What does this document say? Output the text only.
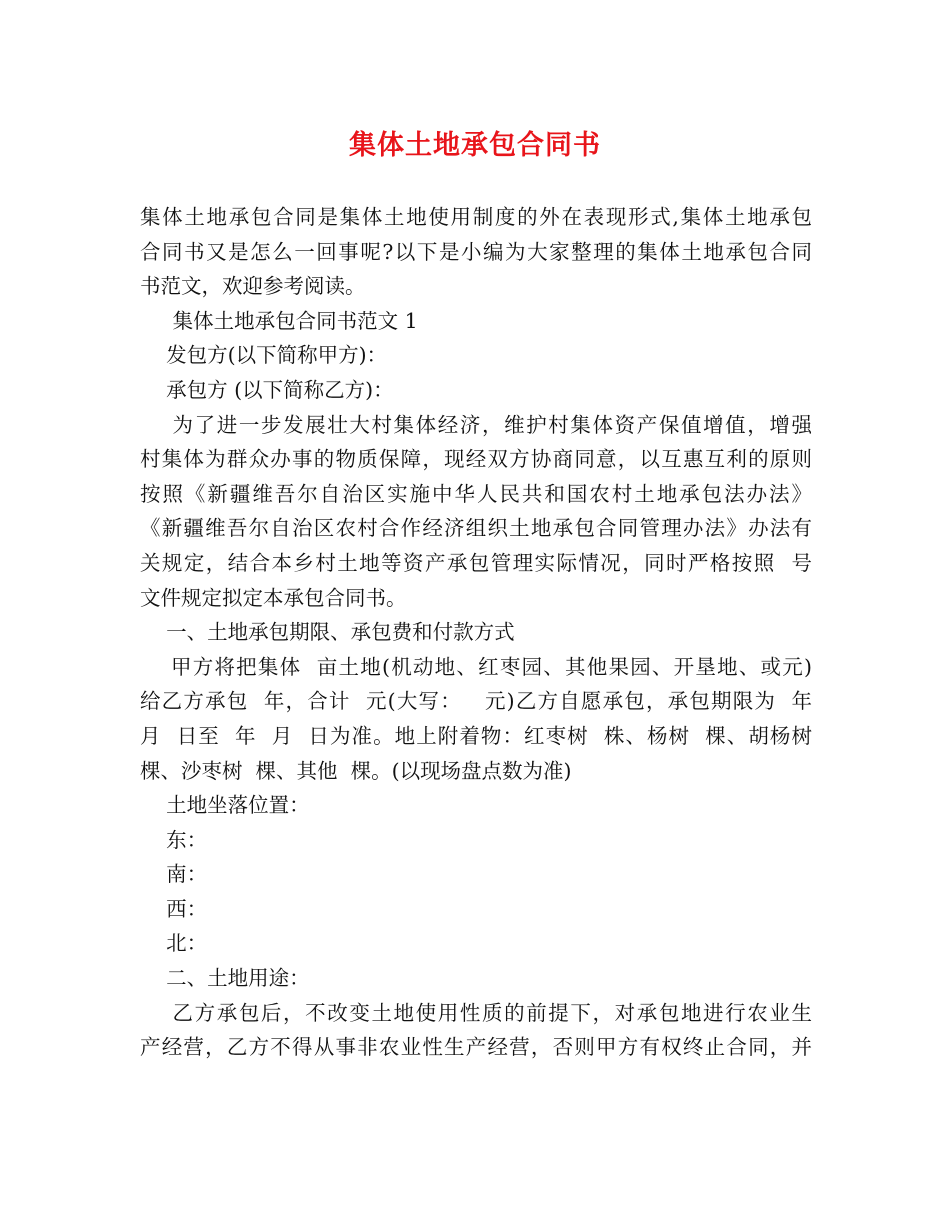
集体土地承包合同书
集体土地承包合同是集体土地使用制度的外在表现形式,集体土地承包
合同书又是怎么一回事呢?以下是小编为大家整理的集体土地承包合同
书范文，欢迎参考阅读。
集体土地承包合同书范文 1
发包方(以下简称甲方)：
承包方 (以下简称乙方)：
为了进一步发展壮大村集体经济，维护村集体资产保值增值，增强
村集体为群众办事的物质保障，现经双方协商同意，以互惠互利的原则
按照《新疆维吾尔自治区实施中华人民共和国农村土地承包法办法》
《新疆维吾尔自治区农村合作经济组织土地承包合同管理办法》办法有
关规定，结合本乡村土地等资产承包管理实际情况，同时严格按照  号
文件规定拟定本承包合同书。
一、土地承包期限、承包费和付款方式
甲方将把集体  亩土地(机动地、红枣园、其他果园、开垦地、或元)
给乙方承包  年，合计  元(大写：   元)乙方自愿承包，承包期限为  年
月  日至  年  月  日为准。地上附着物：红枣树  株、杨树  棵、胡杨树
棵、沙枣树  棵、其他  棵。(以现场盘点数为准)
土地坐落位置：
东：
南：
西：
北：
二、土地用途：
乙方承包后，不改变土地使用性质的前提下，对承包地进行农业生
产经营，乙方不得从事非农业性生产经营，否则甲方有权终止合同，并
